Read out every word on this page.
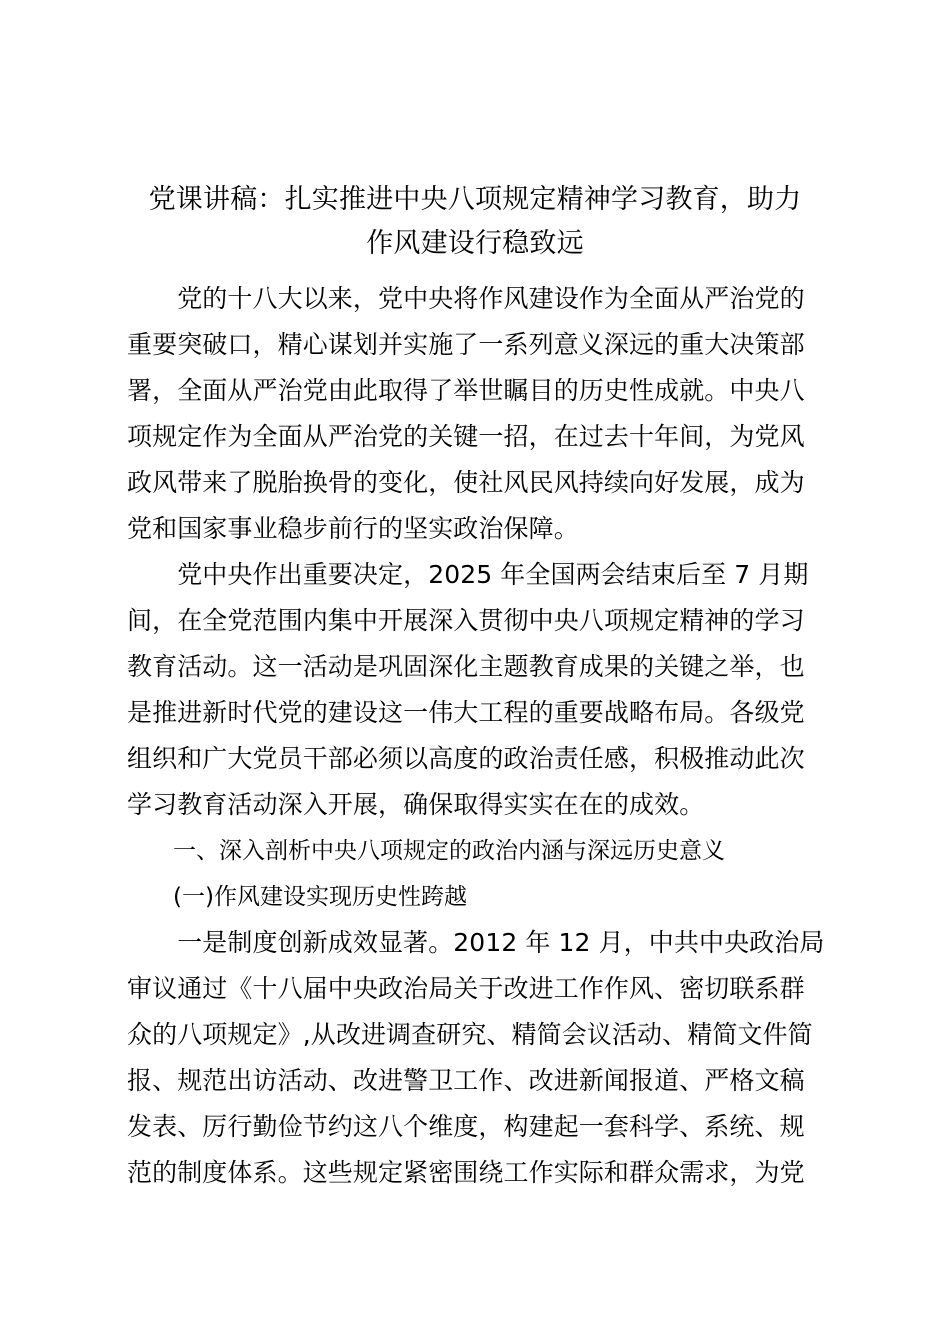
党课讲稿：扎实推进中央八项规定精神学习教育，助力
作风建设行稳致远
　　党的十八大以来，党中央将作风建设作为全面从严治党的
重要突破口，精心谋划并实施了一系列意义深远的重大决策部
署，全面从严治党由此取得了举世瞩目的历史性成就。中央八
项规定作为全面从严治党的关键一招，在过去十年间，为党风
政风带来了脱胎换骨的变化，使社风民风持续向好发展，成为
党和国家事业稳步前行的坚实政治保障。
　　党中央作出重要决定，2025 年全国两会结束后至 7 月期
间，在全党范围内集中开展深入贯彻中央八项规定精神的学习
教育活动。这一活动是巩固深化主题教育成果的关键之举，也
是推进新时代党的建设这一伟大工程的重要战略布局。各级党
组织和广大党员干部必须以高度的政治责任感，积极推动此次
学习教育活动深入开展，确保取得实实在在的成效。
　　一、深入剖析中央八项规定的政治内涵与深远历史意义
　　(一)作风建设实现历史性跨越
　　一是制度创新成效显著。2012 年 12 月，中共中央政治局
审议通过《十八届中央政治局关于改进工作作风、密切联系群
众的八项规定》,从改进调查研究、精简会议活动、精简文件简
报、规范出访活动、改进警卫工作、改进新闻报道、严格文稿
发表、厉行勤俭节约这八个维度，构建起一套科学、系统、规
范的制度体系。这些规定紧密围绕工作实际和群众需求，为党
